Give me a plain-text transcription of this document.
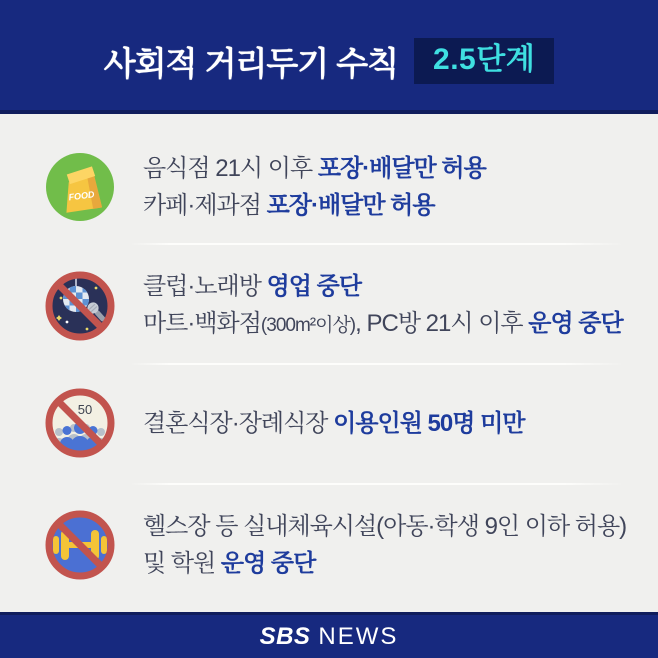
사회적 거리두기 수칙	2.5단계
FOOD

음식점 21시 이후 포장·배달만 허용

카페·제과점 포장·배달만 허용

클럽·노래방 영업 중단

마트·백화점(300m²이상), PC방 21시 이후 운영 중단

50 결혼식장·장례식장 이용인원 50명 미만

헬스장 등 실내체육시설(아동·학생 9인 이하 허용)

및 학원 운영 중단

SBS NEWS
